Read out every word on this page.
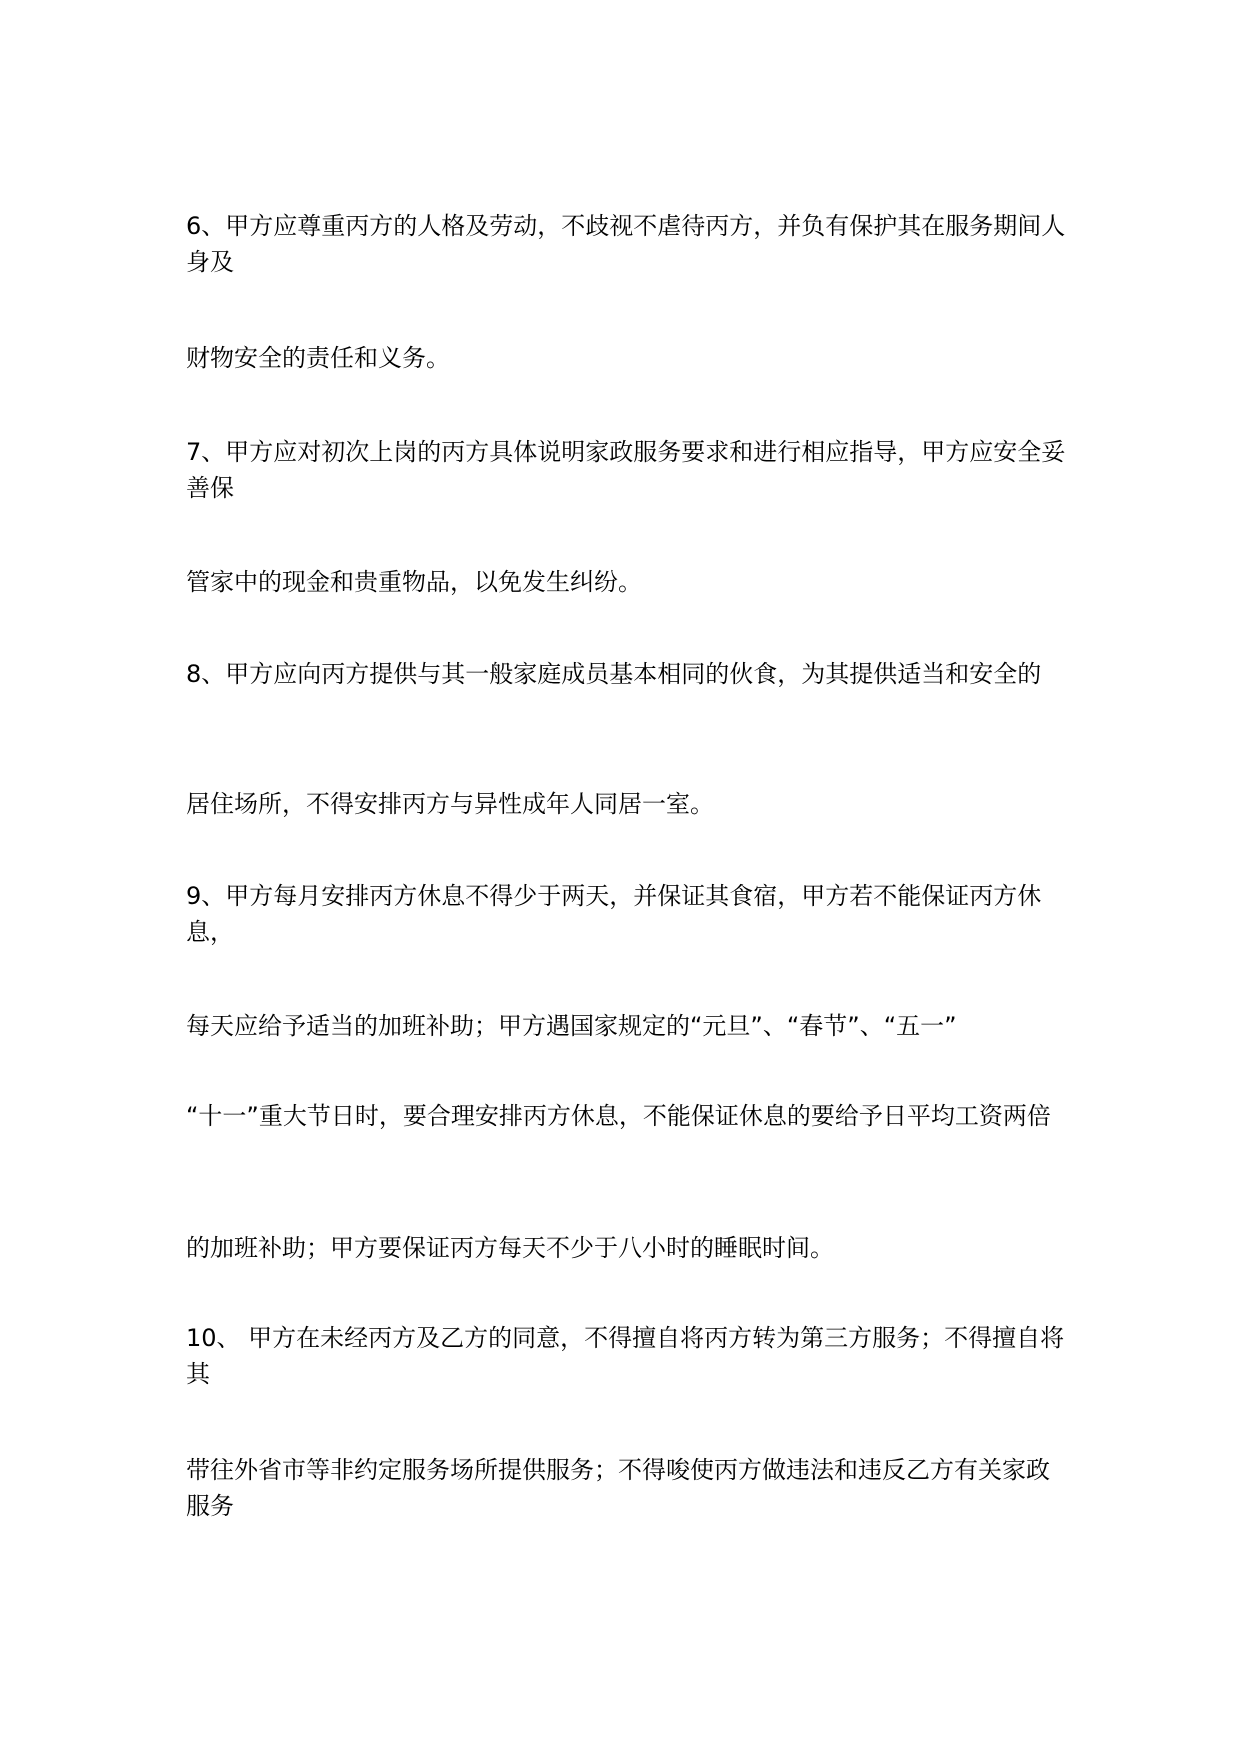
6、甲方应尊重丙方的人格及劳动，不歧视不虐待丙方，并负有保护其在服务期间人身及

财物安全的责任和义务。

7、甲方应对初次上岗的丙方具体说明家政服务要求和进行相应指导，甲方应安全妥善保

管家中的现金和贵重物品，以免发生纠纷。

8、甲方应向丙方提供与其一般家庭成员基本相同的伙食，为其提供适当和安全的

居住场所，不得安排丙方与异性成年人同居一室。

9、甲方每月安排丙方休息不得少于两天，并保证其食宿，甲方若不能保证丙方休息，

每天应给予适当的加班补助；甲方遇国家规定的“元旦”、“春节”、“五一”

“十一”重大节日时，要合理安排丙方休息，不能保证休息的要给予日平均工资两倍

的加班补助；甲方要保证丙方每天不少于八小时的睡眠时间。

10、 甲方在未经丙方及乙方的同意，不得擅自将丙方转为第三方服务；不得擅自将其

带往外省市等非约定服务场所提供服务；不得唆使丙方做违法和违反乙方有关家政服务
